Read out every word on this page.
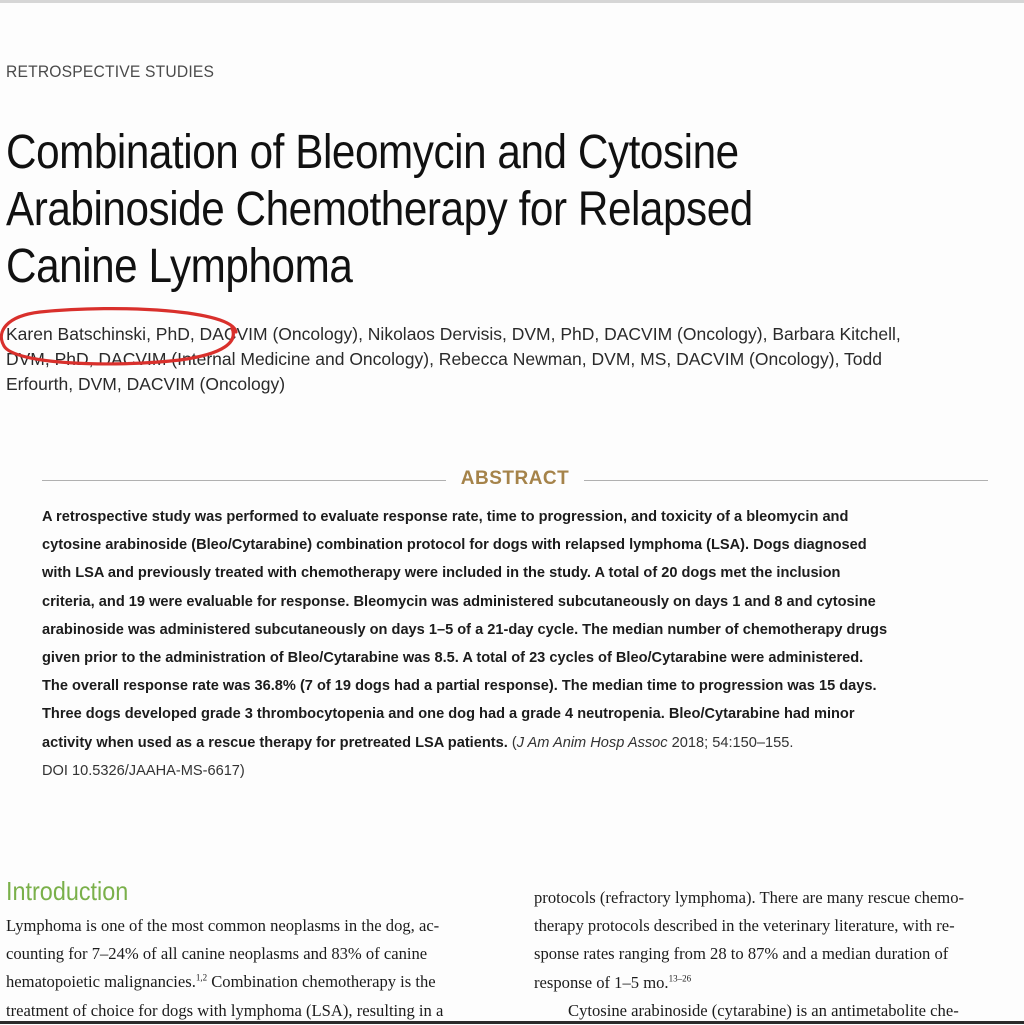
RETROSPECTIVE STUDIES
Combination of Bleomycin and Cytosine
Arabinoside Chemotherapy for Relapsed
Canine Lymphoma
Karen Batschinski, PhD, DACVIM (Oncology), Nikolaos Dervisis, DVM, PhD, DACVIM (Oncology), Barbara Kitchell,
DVM, PhD, DACVIM (Internal Medicine and Oncology), Rebecca Newman, DVM, MS, DACVIM (Oncology), Todd
Erfourth, DVM, DACVIM (Oncology)
ABSTRACT
A retrospective study was performed to evaluate response rate, time to progression, and toxicity of a bleomycin and
cytosine arabinoside (Bleo/Cytarabine) combination protocol for dogs with relapsed lymphoma (LSA). Dogs diagnosed
with LSA and previously treated with chemotherapy were included in the study. A total of 20 dogs met the inclusion
criteria, and 19 were evaluable for response. Bleomycin was administered subcutaneously on days 1 and 8 and cytosine
arabinoside was administered subcutaneously on days 1–5 of a 21-day cycle. The median number of chemotherapy drugs
given prior to the administration of Bleo/Cytarabine was 8.5. A total of 23 cycles of Bleo/Cytarabine were administered.
The overall response rate was 36.8% (7 of 19 dogs had a partial response). The median time to progression was 15 days.
Three dogs developed grade 3 thrombocytopenia and one dog had a grade 4 neutropenia. Bleo/Cytarabine had minor
activity when used as a rescue therapy for pretreated LSA patients. (J Am Anim Hosp Assoc 2018; 54:150–155.
DOI 10.5326/JAAHA-MS-6617)
Introduction
Lymphoma is one of the most common neoplasms in the dog, ac-
counting for 7–24% of all canine neoplasms and 83% of canine
hematopoietic malignancies.$^{1,2}$ Combination chemotherapy is the
treatment of choice for dogs with lymphoma (LSA), resulting in a
protocols (refractory lymphoma). There are many rescue chemo-
therapy protocols described in the veterinary literature, with re-
sponse rates ranging from 28 to 87% and a median duration of
response of 1–5 mo.$^{13-26}$
Cytosine arabinoside (cytarabine) is an antimetabolite che-
